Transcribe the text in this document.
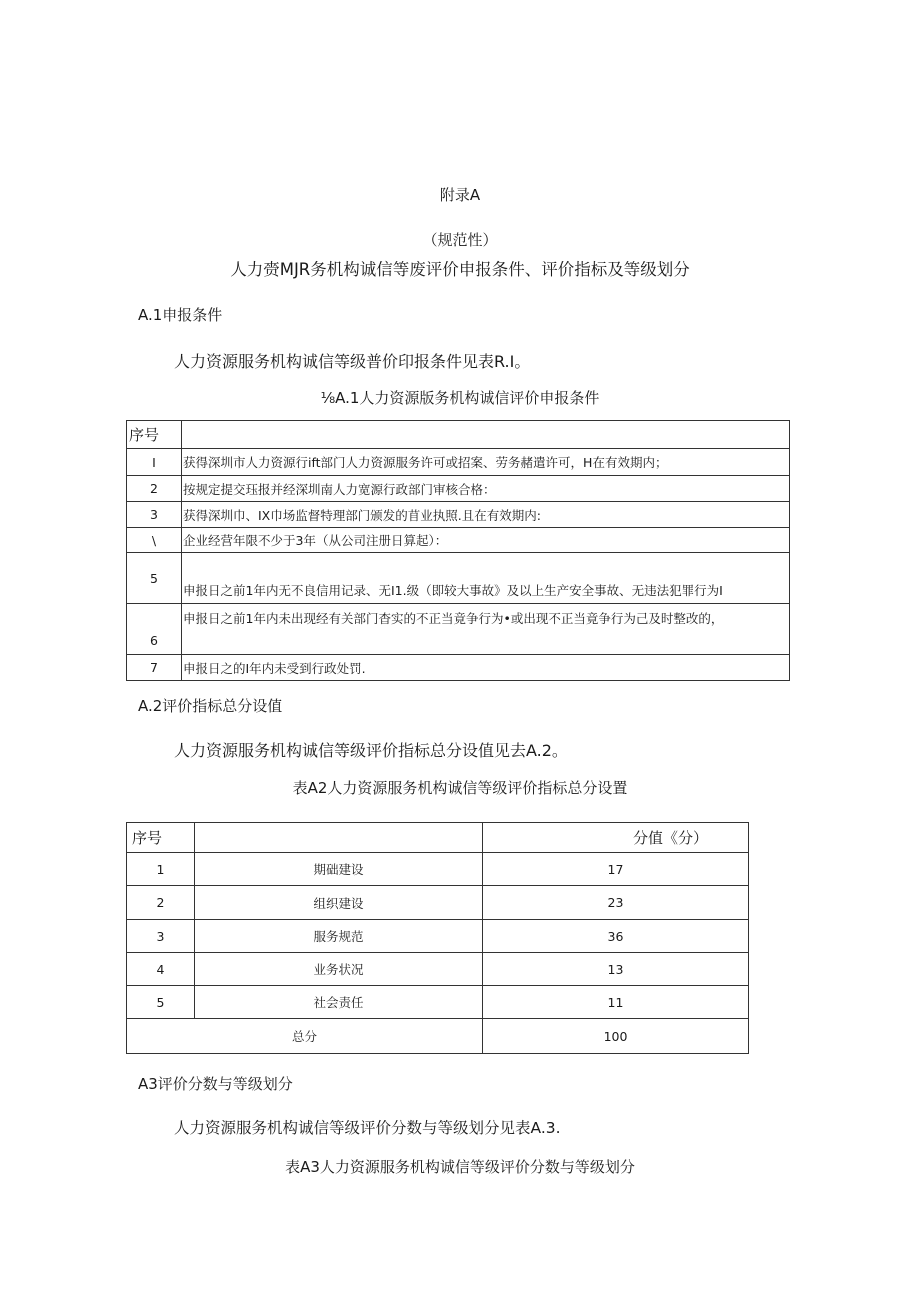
附录A
（规范性）
人力赍MJR务机构诚信等废评价申报条件、评价指标及等级划分
A.1申报条件
人力资源服务机构诚信等级普价印报条件见表R.I。
⅛A.1人力资源版务机构诚信评价申报条件
序号	
I	获得深圳市人力资源行ift部门人力资源服务许可或招案、劳务赭遣许可，H在有效期内；
2	按规定提交珏报并经深圳南人力宽源行政部门审核合格：
3	获得深圳巾、IX巾场监督特理部门颁发的苜业执照.且在有效期内:
\	企业经营年限不少于3年（从公司注册日算起）：
5	申报日之前1年内无不良信用记录、无I1.级（即较大事故》及以上生产安全事故、无违法犯罪行为I
6	申报日之前1年内未出现经有关部门杳实的不正当竟争行为•或出现不正当竟争行为己及时整改的，
7	申报日之的I年内未受到行政处罚.
A.2评价指标总分设值
人力资源服务机构诚信等级评价指标总分设值见去A.2。
表A2人力资源服务机构诚信等级评价指标总分设置
序号		分值《分）
1	期础建设	17
2	组织建设	23
3	服务规范	36
4	业务状况	13
5	社会责任	11
总分		100
A3评价分数与等级划分
人力资源服务机构诚信等级评价分数与等级划分见表A.3.
表A3人力资源服务机构诚信等级评价分数与等级划分
